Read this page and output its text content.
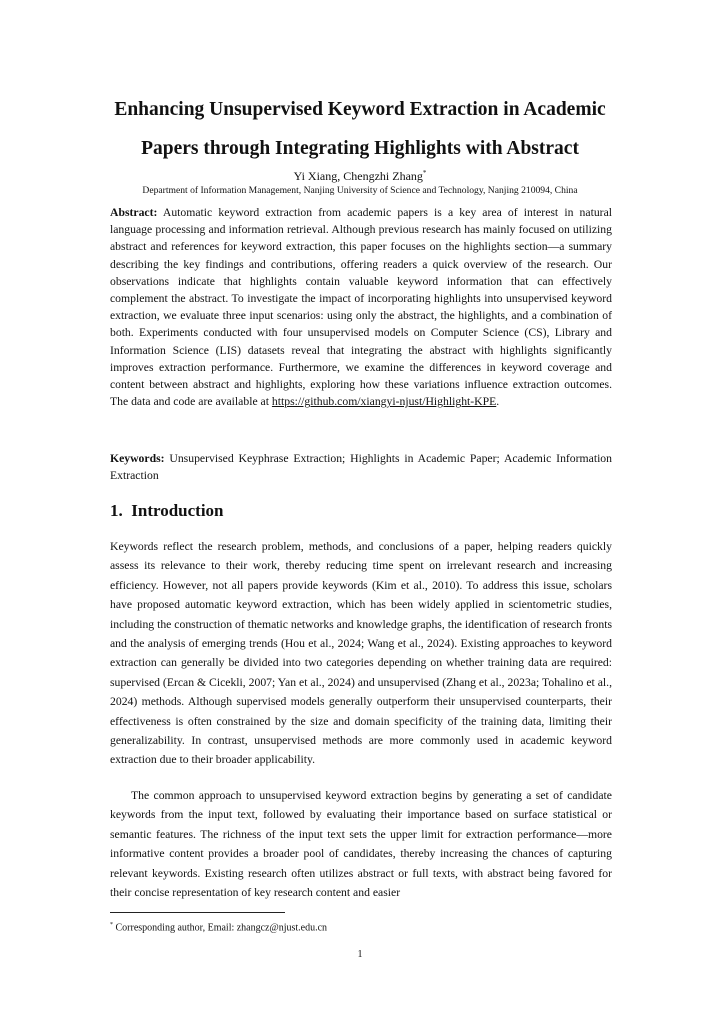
Enhancing Unsupervised Keyword Extraction in Academic
Papers through Integrating Highlights with Abstract
Yi Xiang, Chengzhi Zhang*
Department of Information Management, Nanjing University of Science and Technology, Nanjing 210094, China

Abstract: Automatic keyword extraction from academic papers is a key area of interest in natural language processing and information retrieval. Although previous research has mainly focused on utilizing abstract and references for keyword extraction, this paper focuses on the highlights section—a summary describing the key findings and contributions, offering readers a quick overview of the research. Our observations indicate that highlights contain valuable keyword information that can effectively complement the abstract. To investigate the impact of incorporating highlights into unsupervised keyword extraction, we evaluate three input scenarios: using only the abstract, the highlights, and a combination of both. Experiments conducted with four unsupervised models on Computer Science (CS), Library and Information Science (LIS) datasets reveal that integrating the abstract with highlights significantly improves extraction performance. Furthermore, we examine the differences in keyword coverage and content between abstract and highlights, exploring how these variations influence extraction outcomes. The data and code are available at https://github.com/xiangyi-njust/Highlight-KPE.

Keywords: Unsupervised Keyphrase Extraction; Highlights in Academic Paper; Academic Information Extraction

1. Introduction

Keywords reflect the research problem, methods, and conclusions of a paper, helping readers quickly assess its relevance to their work, thereby reducing time spent on irrelevant research and increasing efficiency. However, not all papers provide keywords (Kim et al., 2010). To address this issue, scholars have proposed automatic keyword extraction, which has been widely applied in scientometric studies, including the construction of thematic networks and knowledge graphs, the identification of research fronts and the analysis of emerging trends (Hou et al., 2024; Wang et al., 2024). Existing approaches to keyword extraction can generally be divided into two categories depending on whether training data are required: supervised (Ercan & Cicekli, 2007; Yan et al., 2024) and unsupervised (Zhang et al., 2023a; Tohalino et al., 2024) methods. Although supervised models generally outperform their unsupervised counterparts, their effectiveness is often constrained by the size and domain specificity of the training data, limiting their generalizability. In contrast, unsupervised methods are more commonly used in academic keyword extraction due to their broader applicability.

The common approach to unsupervised keyword extraction begins by generating a set of candidate keywords from the input text, followed by evaluating their importance based on surface statistical or semantic features. The richness of the input text sets the upper limit for extraction performance—more informative content provides a broader pool of candidates, thereby increasing the chances of capturing relevant keywords. Existing research often utilizes abstract or full texts, with abstract being favored for their concise representation of key research content and easier

* Corresponding author, Email: zhangcz@njust.edu.cn
1
